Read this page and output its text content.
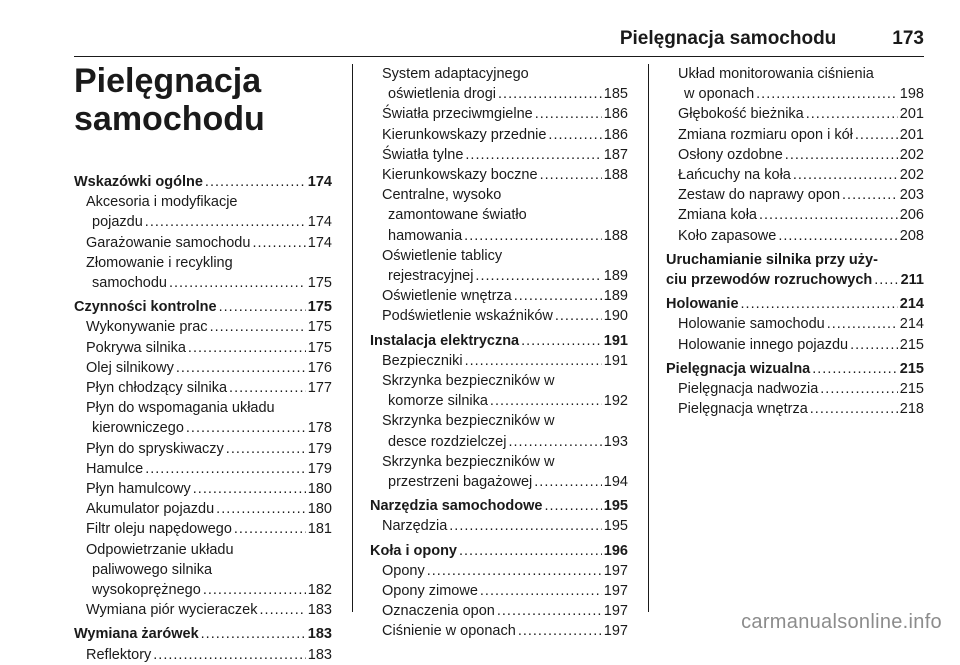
Pielęgnacja samochodu	173
Pielęgnacja samochodu
Wskazówki ogólne .....	174
Akcesoria i modyfikacje
pojazdu .....	174
Garażowanie samochodu .....	174
Złomowanie i recykling
samochodu .....	175
Czynności kontrolne .....	175
Wykonywanie prac .....	175
Pokrywa silnika .....	175
Olej silnikowy .....	176
Płyn chłodzący silnika .....	177
Płyn do wspomagania układu
kierowniczego .....	178
Płyn do spryskiwaczy .....	179
Hamulce .....	179
Płyn hamulcowy .....	180
Akumulator pojazdu .....	180
Filtr oleju napędowego .....	181
Odpowietrzanie układu
paliwowego silnika
wysokoprężnego .....	182
Wymiana piór wycieraczek .....	183
Wymiana żarówek .....	183
Reflektory .....	183
System adaptacyjnego
oświetlenia drogi .....	185
Światła przeciwmgielne .....	186
Kierunkowskazy przednie .....	186
Światła tylne .....	187
Kierunkowskazy boczne .....	188
Centralne, wysoko
zamontowane światło
hamowania .....	188
Oświetlenie tablicy
rejestracyjnej .....	189
Oświetlenie wnętrza .....	189
Podświetlenie wskaźników .....	190
Instalacja elektryczna .....	191
Bezpieczniki .....	191
Skrzynka bezpieczników w
komorze silnika .....	192
Skrzynka bezpieczników w
desce rozdzielczej .....	193
Skrzynka bezpieczników w
przestrzeni bagażowej .....	194
Narzędzia samochodowe .....	195
Narzędzia .....	195
Koła i opony .....	196
Opony .....	197
Opony zimowe .....	197
Oznaczenia opon .....	197
Ciśnienie w oponach .....	197
Układ monitorowania ciśnienia
w oponach .....	198
Głębokość bieżnika .....	201
Zmiana rozmiaru opon i kół .....	201
Osłony ozdobne .....	202
Łańcuchy na koła .....	202
Zestaw do naprawy opon .....	203
Zmiana koła .....	206
Koło zapasowe .....	208
Uruchamianie silnika przy uży-
ciu przewodów rozruchowych ..... 211
Holowanie .....	214
Holowanie samochodu .....	214
Holowanie innego pojazdu .....	215
Pielęgnacja wizualna .....	215
Pielęgnacja nadwozia .....	215
Pielęgnacja wnętrza .....	218
carmanualsonline.info
